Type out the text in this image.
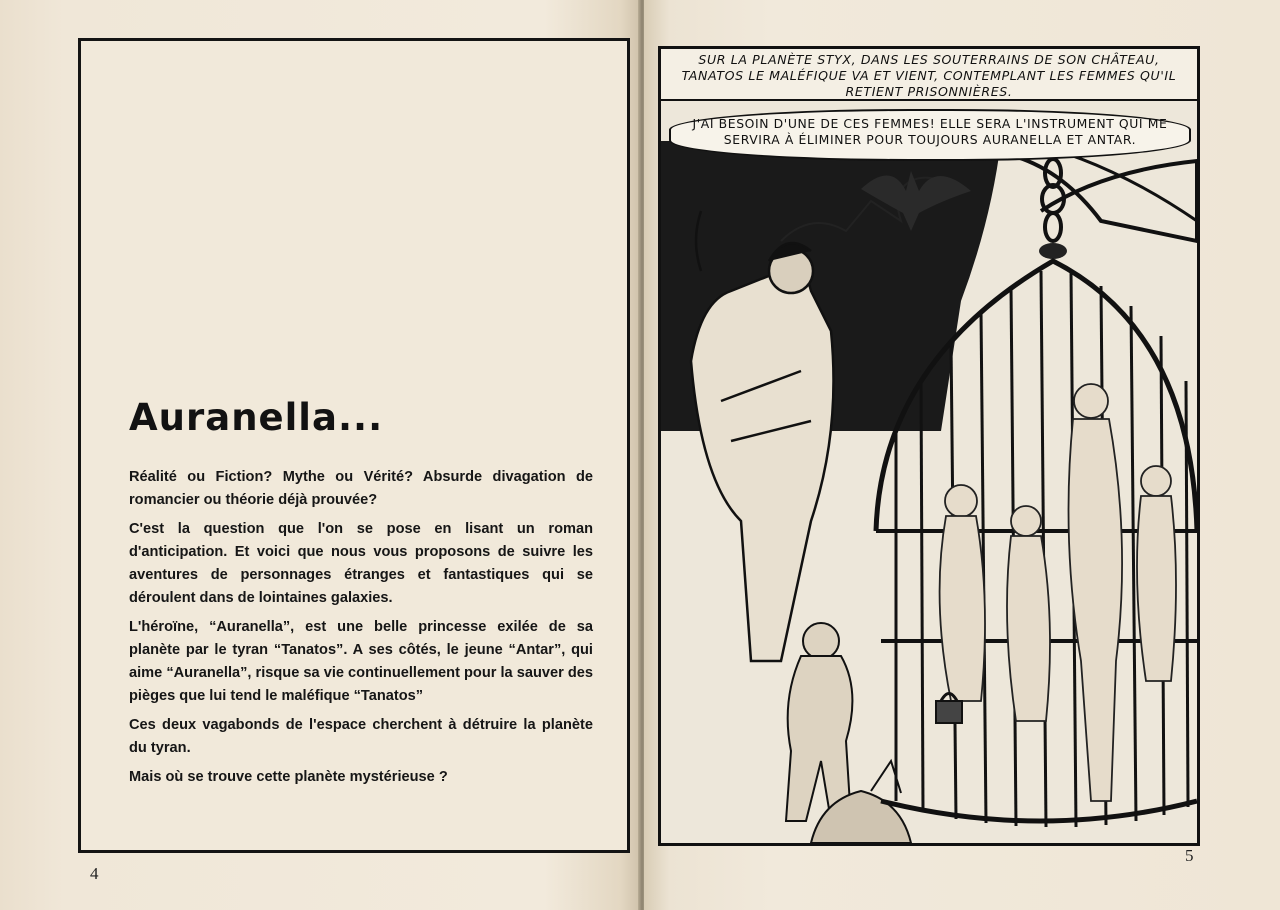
Auranella...

Réalité ou Fiction? Mythe ou Vérité? Absurde divagation de romancier ou théorie déjà prouvée?

C'est la question que l'on se pose en lisant un roman d'anticipation. Et voici que nous vous proposons de suivre les aventures de personnages étranges et fantastiques qui se déroulent dans de lointaines galaxies.

L'héroïne, “Auranella”, est une belle princesse exilée de sa planète par le tyran “Tanatos”. A ses côtés, le jeune “Antar”, qui aime “Auranella”, risque sa vie continuellement pour la sauver des pièges que lui tend le maléfique “Tanatos”

Ces deux vagabonds de l'espace cherchent à détruire la planète du tyran.

Mais où se trouve cette planète mystérieuse ?

4
SUR LA PLANÈTE STYX, DANS LES SOUTERRAINS DE SON CHÂTEAU, TANATOS LE MALÉFIQUE VA ET VIENT, CONTEMPLANT LES FEMMES QU'IL RETIENT PRISONNIÈRES.
J'AI BESOIN D'UNE DE CES FEMMES! ELLE SERA L'INSTRUMENT QUI ME SERVIRA À ÉLIMINER POUR TOUJOURS AURANELLA ET ANTAR.
5
